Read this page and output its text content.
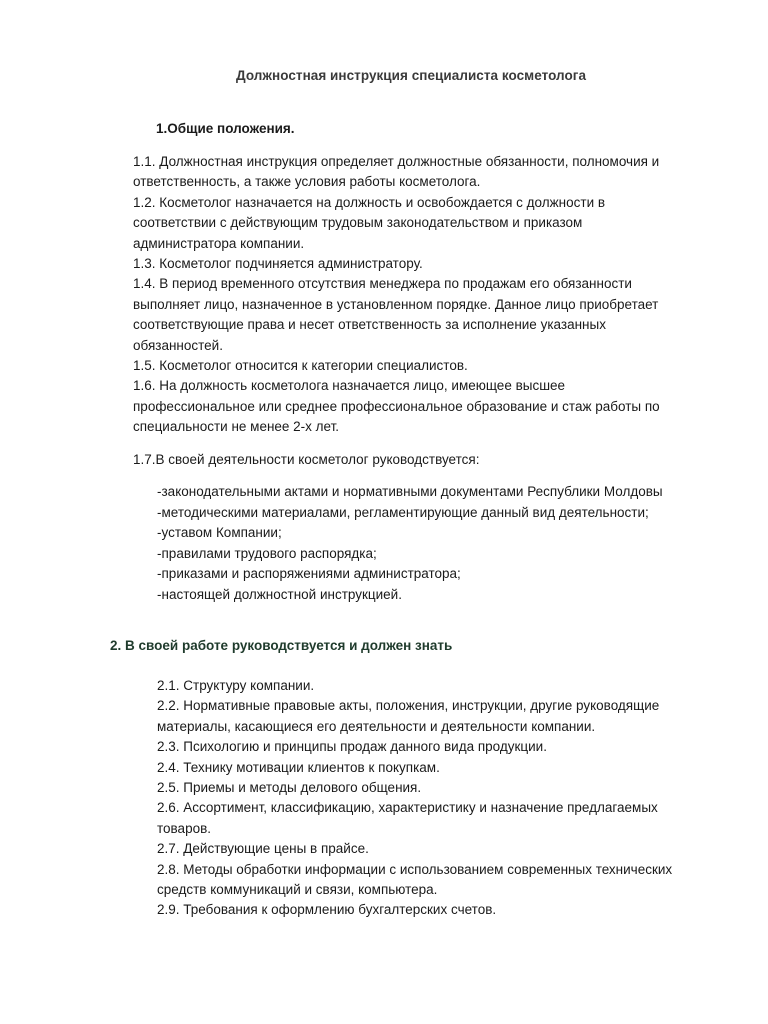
Должностная инструкция специалиста косметолога
1.Общие положения.

1.1. Должностная инструкция определяет должностные обязанности, полномочия и

ответственность, а также условия работы косметолога.

1.2. Косметолог назначается на должность и освобождается с должности в

соответствии с действующим трудовым законодательством и приказом

администратора компании.

1.3. Косметолог подчиняется администратору.

1.4. В период временного отсутствия менеджера по продажам его обязанности

выполняет лицо, назначенное в установленном порядке. Данное лицо приобретает

соответствующие права и несет ответственность за исполнение указанных

обязанностей.

1.5. Косметолог относится к категории специалистов.

1.6. На должность косметолога назначается лицо, имеющее высшее

профессиональное или среднее профессиональное образование и стаж работы по

специальности не менее 2-х лет.

1.7.В своей деятельности косметолог руководствуется:

-законодательными актами и нормативными документами Республики Молдовы

-методическими материалами, регламентирующие данный вид деятельности;

-уставом Компании;

-правилами трудового распорядка;

-приказами и распоряжениями администратора;

-настоящей должностной инструкцией.

2. В своей работе руководствуется и должен знать

2.1. Структуру компании.

2.2. Нормативные правовые акты, положения, инструкции, другие руководящие

материалы, касающиеся его деятельности и деятельности компании.

2.3. Психологию и принципы продаж данного вида продукции.

2.4. Технику мотивации клиентов к покупкам.

2.5. Приемы и методы делового общения.

2.6. Ассортимент, классификацию, характеристику и назначение предлагаемых

товаров.

2.7. Действующие цены в прайсе.

2.8. Методы обработки информации с использованием современных технических

средств коммуникаций и связи, компьютера.

2.9. Требования к оформлению бухгалтерских счетов.
